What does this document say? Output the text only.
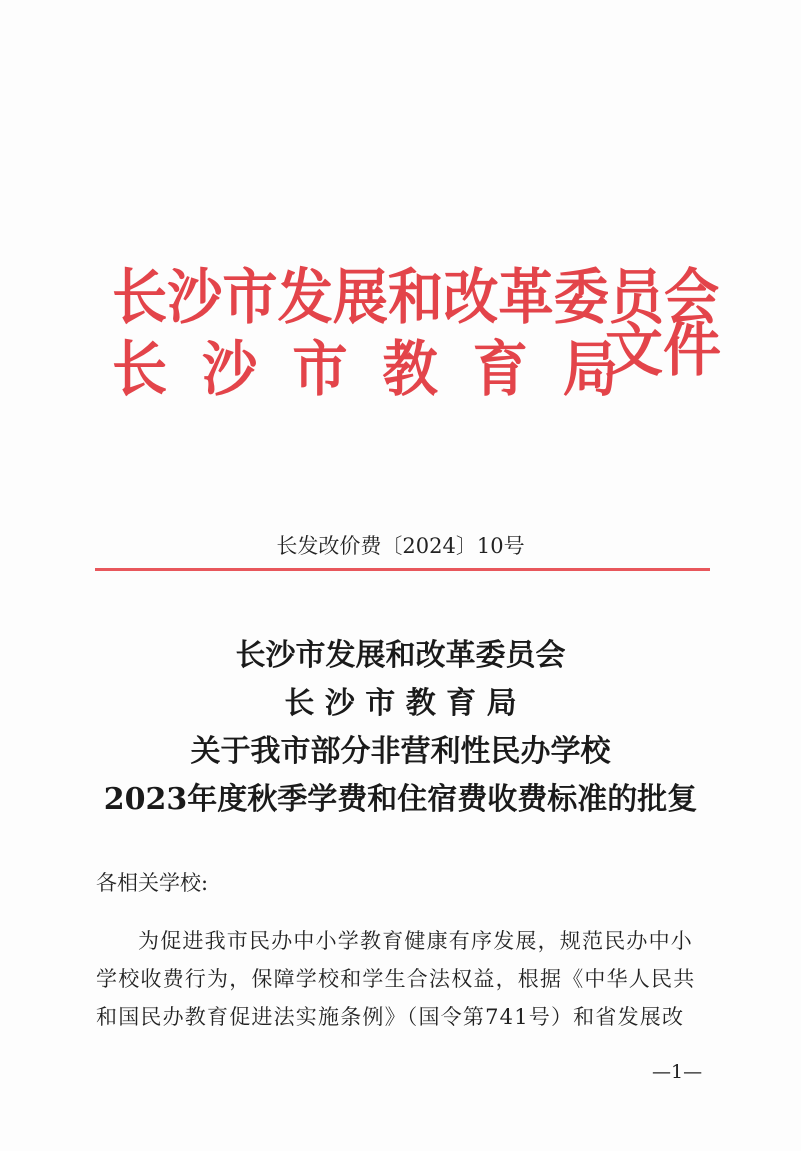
长沙市发展和改革委员会
长沙市教育局
文件
长发改价费〔2024〕10号
长沙市发展和改革委员会
长 沙 市 教 育 局
关于我市部分非营利性民办学校
2023年度秋季学费和住宿费收费标准的批复
各相关学校:
为促进我市民办中小学教育健康有序发展，规范民办中小
学校收费行为，保障学校和学生合法权益，根据《中华人民共
和国民办教育促进法实施条例》（国令第741号）和省发展改
—1—
